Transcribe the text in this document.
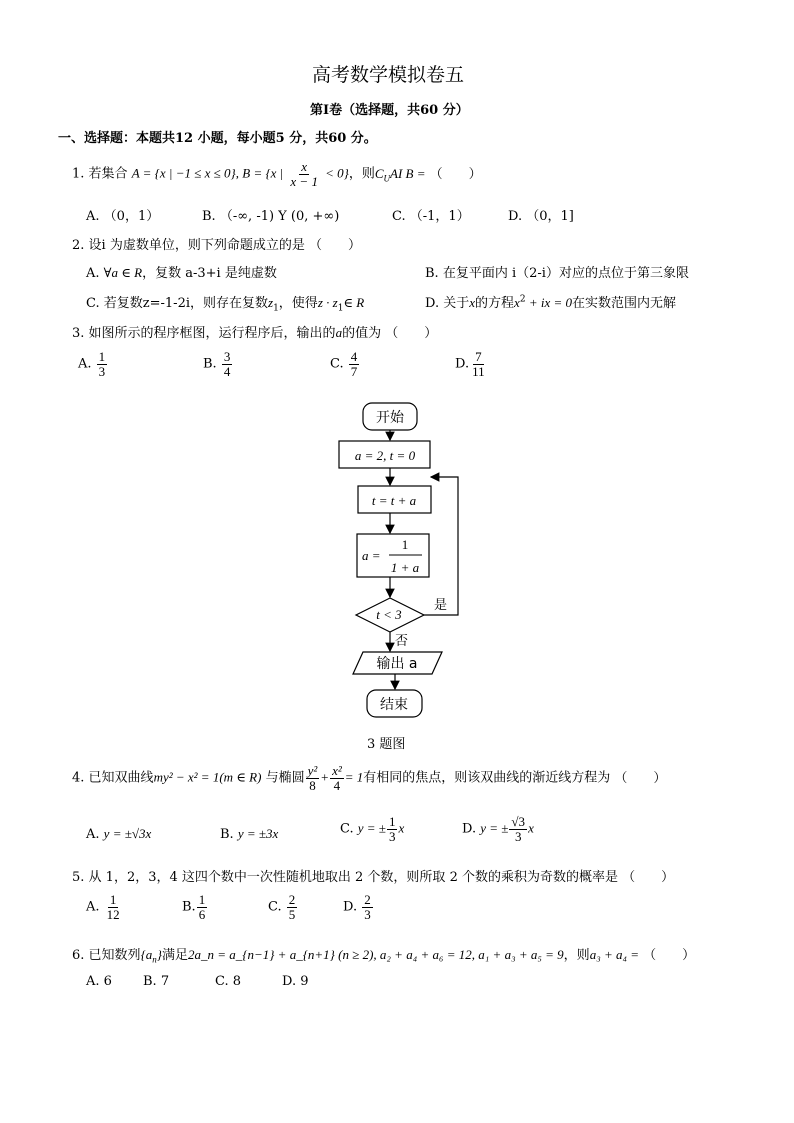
高考数学模拟卷五
第Ⅰ卷（选择题，共60 分）
一、选择题：本题共12 小题，每小题5 分，共60 分。
1. 若集合 A = {x | −1 ≤ x ≤ 0}, B = {x | $\frac{x}{x - 1} < 0$}，则$C_UAI$ B = （　　）
A. （0，1）	B. （-∞, -1) Y (0, +∞)	C. （-1，1）	D. （0，1]
2. 设i 为虚数单位，则下列命题成立的是 （　　）
A. ∀a ∈ R，复数 a-3+i 是纯虚数	B. 在复平面内 i（2-i）对应的点位于第三象限
C. 若复数z=-1-2i，则存在复数$z_1$，使得$z \cdot z_1\in$ R	D. 关于x的方程$x^2$ + ix = 0在实数范围内无解
3. 如图所示的程序框图，运行程序后，输出的a的值为 （　　）
A. $\frac{1}{3}$	B. $\frac{3}{4}$	C. $\frac{4}{7}$	D. $\frac{7}{11}$
开始
a = 2, t = 0
t = t + a
a =
1
1 + a
t < 3
是
否
输出 a
结束
3 题图
4. 已知双曲线my² − x² = 1(m ∈ R) 与椭圆 $\frac{\text{y²}}{8} + \frac{\text{x²}}{4} = 1$有相同的焦点，则该双曲线的渐近线方程为 （　　）
A. y = ±√3x	B. y = ±3x	C. y = ± $\frac{1}{3}$ x	D. y = ± $\frac{√3}{3}$ x
5. 从 1，2，3，4 这四个数中一次性随机地取出 2 个数，则所取 2 个数的乘积为奇数的概率是 （　　）
A. $\frac{1}{12}$	B. $\frac{1}{6}$	C. $\frac{2}{5}$	D. $\frac{2}{3}$
6. 已知数列$\{a_n\}$满足2a_n = a_{n−1} + a_{n+1} (n ≥ 2), a₂ + a₄ + a₆ = 12, a₁ + a₃ + a₅ = 9，则a₃ + a₄ = （　　）
A. 6 B. 7	C. 8	D. 9
